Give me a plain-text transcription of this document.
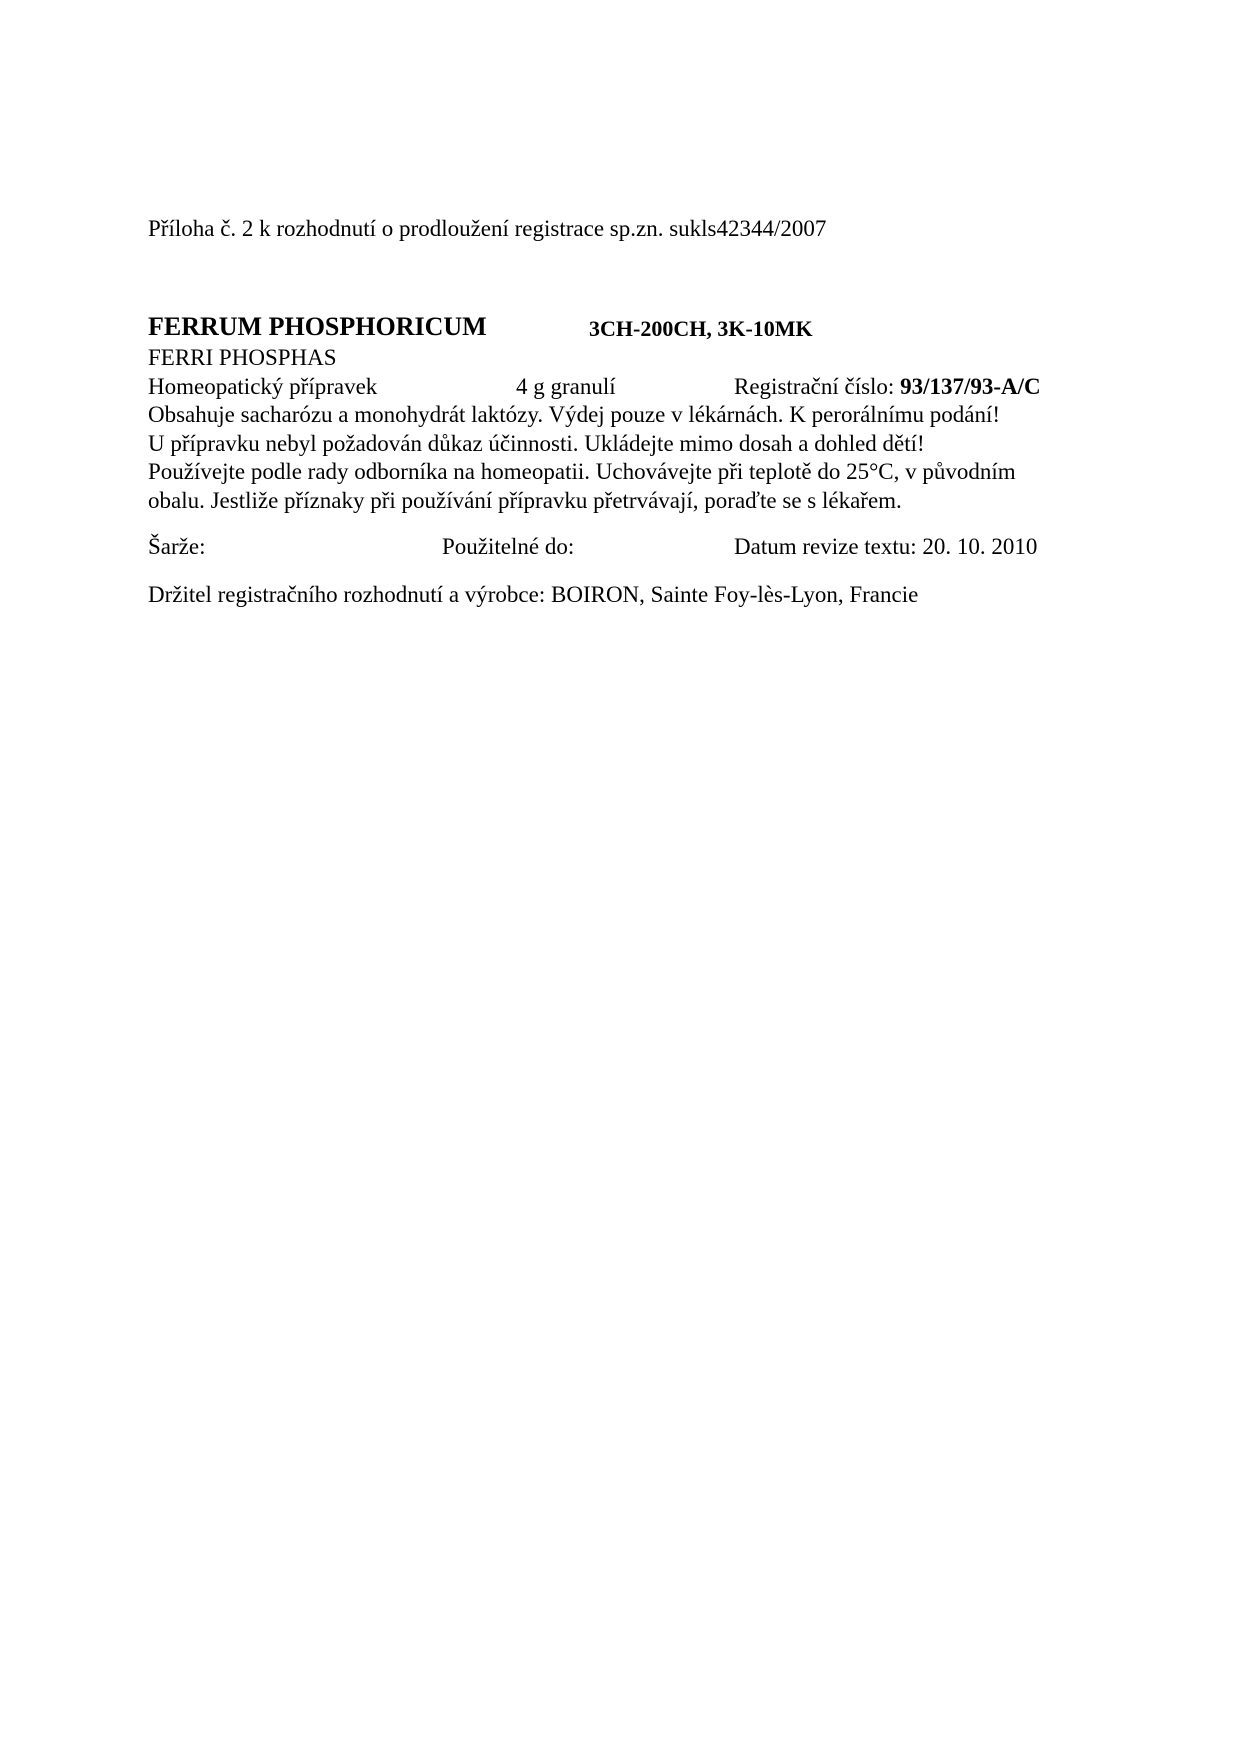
Příloha č. 2 k rozhodnutí o prodloužení registrace sp.zn. sukls42344/2007
FERRUM PHOSPHORICUM	3CH-200CH, 3K-10MK
FERRI PHOSPHAS
Homeopatický přípravek	4 g granulí	Registrační číslo: 93/137/93-A/C
Obsahuje sacharózu a monohydrát laktózy. Výdej pouze v lékárnách. K perorálnímu podání!
U přípravku nebyl požadován důkaz účinnosti. Ukládejte mimo dosah a dohled dětí!
Používejte podle rady odborníka na homeopatii. Uchovávejte při teplotě do 25°C, v původním
obalu. Jestliže příznaky při používání přípravku přetrvávají, poraďte se s lékařem.
Šarže:	Použitelné do:	Datum revize textu: 20. 10. 2010
Držitel registračního rozhodnutí a výrobce: BOIRON, Sainte Foy-lès-Lyon, Francie
